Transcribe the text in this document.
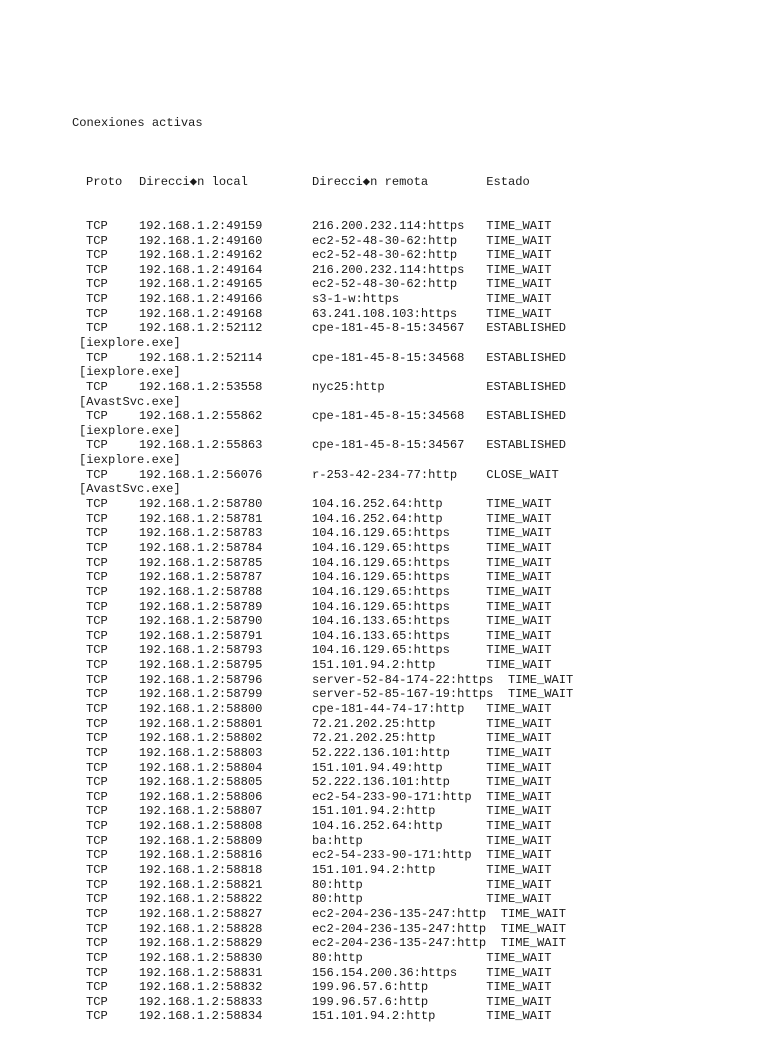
Conexiones activas

Proto Direcci◆n local	Direcci◆n remota        Estado

TCP	192.168.1.2:49159	216.200.232.114:https   TIME_WAIT
TCP	192.168.1.2:49160	ec2-52-48-30-62:http    TIME_WAIT
TCP	192.168.1.2:49162	ec2-52-48-30-62:http    TIME_WAIT
TCP	192.168.1.2:49164	216.200.232.114:https   TIME_WAIT
TCP	192.168.1.2:49165	ec2-52-48-30-62:http    TIME_WAIT
TCP	192.168.1.2:49166	s3-1-w:https            TIME_WAIT
TCP	192.168.1.2:49168	63.241.108.103:https    TIME_WAIT
TCP	192.168.1.2:52112	cpe-181-45-8-15:34567   ESTABLISHED
[iexplore.exe]
TCP	192.168.1.2:52114	cpe-181-45-8-15:34568   ESTABLISHED
[iexplore.exe]
TCP	192.168.1.2:53558	nyc25:http              ESTABLISHED
[AvastSvc.exe]
TCP	192.168.1.2:55862	cpe-181-45-8-15:34568   ESTABLISHED
[iexplore.exe]
TCP	192.168.1.2:55863	cpe-181-45-8-15:34567   ESTABLISHED
[iexplore.exe]
TCP	192.168.1.2:56076	r-253-42-234-77:http    CLOSE_WAIT
[AvastSvc.exe]
TCP	192.168.1.2:58780	104.16.252.64:http      TIME_WAIT
TCP	192.168.1.2:58781	104.16.252.64:http      TIME_WAIT
TCP	192.168.1.2:58783	104.16.129.65:https     TIME_WAIT
TCP	192.168.1.2:58784	104.16.129.65:https     TIME_WAIT
TCP	192.168.1.2:58785	104.16.129.65:https     TIME_WAIT
TCP	192.168.1.2:58787	104.16.129.65:https     TIME_WAIT
TCP	192.168.1.2:58788	104.16.129.65:https     TIME_WAIT
TCP	192.168.1.2:58789	104.16.129.65:https     TIME_WAIT
TCP	192.168.1.2:58790	104.16.133.65:https     TIME_WAIT
TCP	192.168.1.2:58791	104.16.133.65:https     TIME_WAIT
TCP	192.168.1.2:58793	104.16.129.65:https     TIME_WAIT
TCP	192.168.1.2:58795	151.101.94.2:http       TIME_WAIT
TCP	192.168.1.2:58796	server-52-84-174-22:https  TIME_WAIT
TCP	192.168.1.2:58799	server-52-85-167-19:https  TIME_WAIT
TCP	192.168.1.2:58800	cpe-181-44-74-17:http   TIME_WAIT
TCP	192.168.1.2:58801	72.21.202.25:http       TIME_WAIT
TCP	192.168.1.2:58802	72.21.202.25:http       TIME_WAIT
TCP	192.168.1.2:58803	52.222.136.101:http     TIME_WAIT
TCP	192.168.1.2:58804	151.101.94.49:http      TIME_WAIT
TCP	192.168.1.2:58805	52.222.136.101:http     TIME_WAIT
TCP	192.168.1.2:58806	ec2-54-233-90-171:http  TIME_WAIT
TCP	192.168.1.2:58807	151.101.94.2:http       TIME_WAIT
TCP	192.168.1.2:58808	104.16.252.64:http      TIME_WAIT
TCP	192.168.1.2:58809	ba:http                 TIME_WAIT
TCP	192.168.1.2:58816	ec2-54-233-90-171:http  TIME_WAIT
TCP	192.168.1.2:58818	151.101.94.2:http       TIME_WAIT
TCP	192.168.1.2:58821	80:http                 TIME_WAIT
TCP	192.168.1.2:58822	80:http                 TIME_WAIT
TCP	192.168.1.2:58827	ec2-204-236-135-247:http  TIME_WAIT
TCP	192.168.1.2:58828	ec2-204-236-135-247:http  TIME_WAIT
TCP	192.168.1.2:58829	ec2-204-236-135-247:http  TIME_WAIT
TCP	192.168.1.2:58830	80:http                 TIME_WAIT
TCP	192.168.1.2:58831	156.154.200.36:https    TIME_WAIT
TCP	192.168.1.2:58832	199.96.57.6:http        TIME_WAIT
TCP	192.168.1.2:58833	199.96.57.6:http        TIME_WAIT
TCP	192.168.1.2:58834	151.101.94.2:http       TIME_WAIT
